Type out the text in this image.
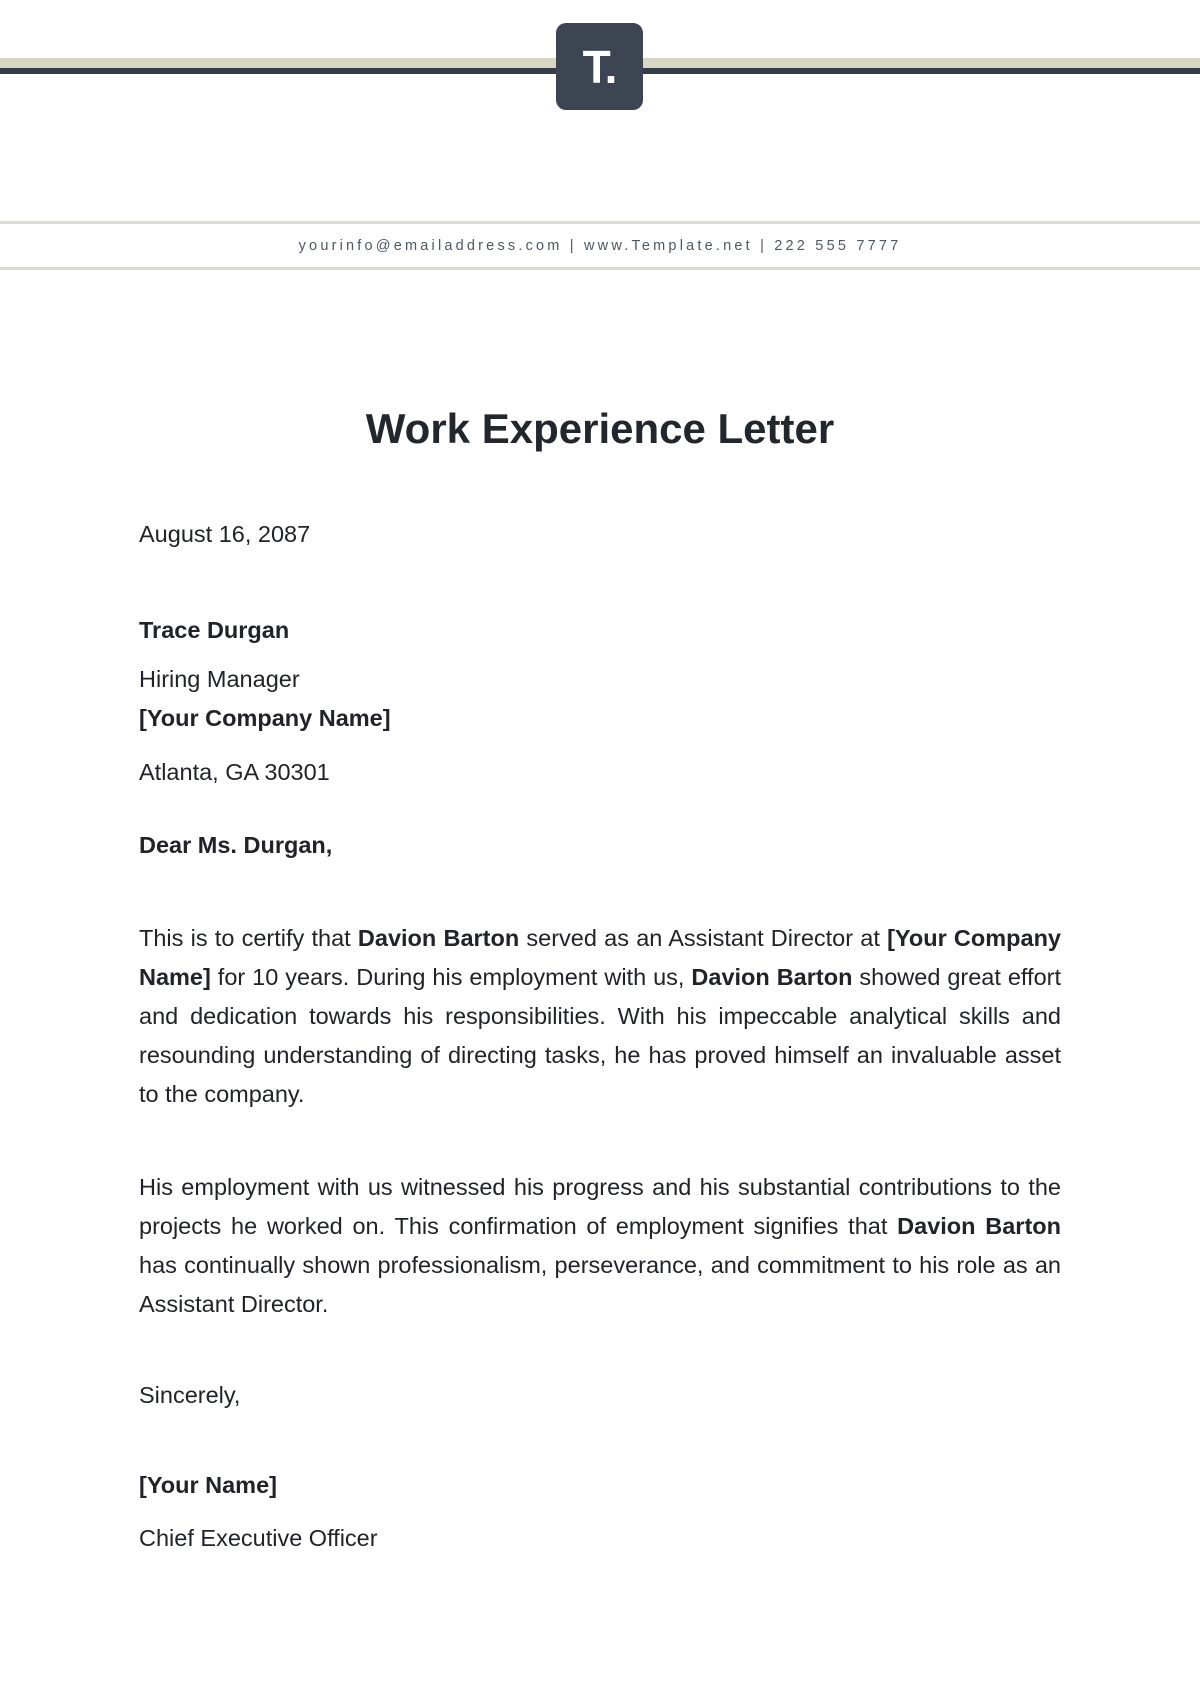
T.
yourinfo@emailaddress.com | www.Template.net | 222 555 7777
Work Experience Letter

August 16, 2087

Trace Durgan

Hiring Manager

[Your Company Name]

Atlanta, GA 30301

Dear Ms. Durgan,

This is to certify that Davion Barton served as an Assistant Director at [Your Company Name] for 10 years. During his employment with us, Davion Barton showed great effort and dedication towards his responsibilities. With his impeccable analytical skills and resounding understanding of directing tasks, he has proved himself an invaluable asset to the company.

His employment with us witnessed his progress and his substantial contributions to the projects he worked on. This confirmation of employment signifies that Davion Barton has continually shown professionalism, perseverance, and commitment to his role as an Assistant Director.

Sincerely,

[Your Name]

Chief Executive Officer
